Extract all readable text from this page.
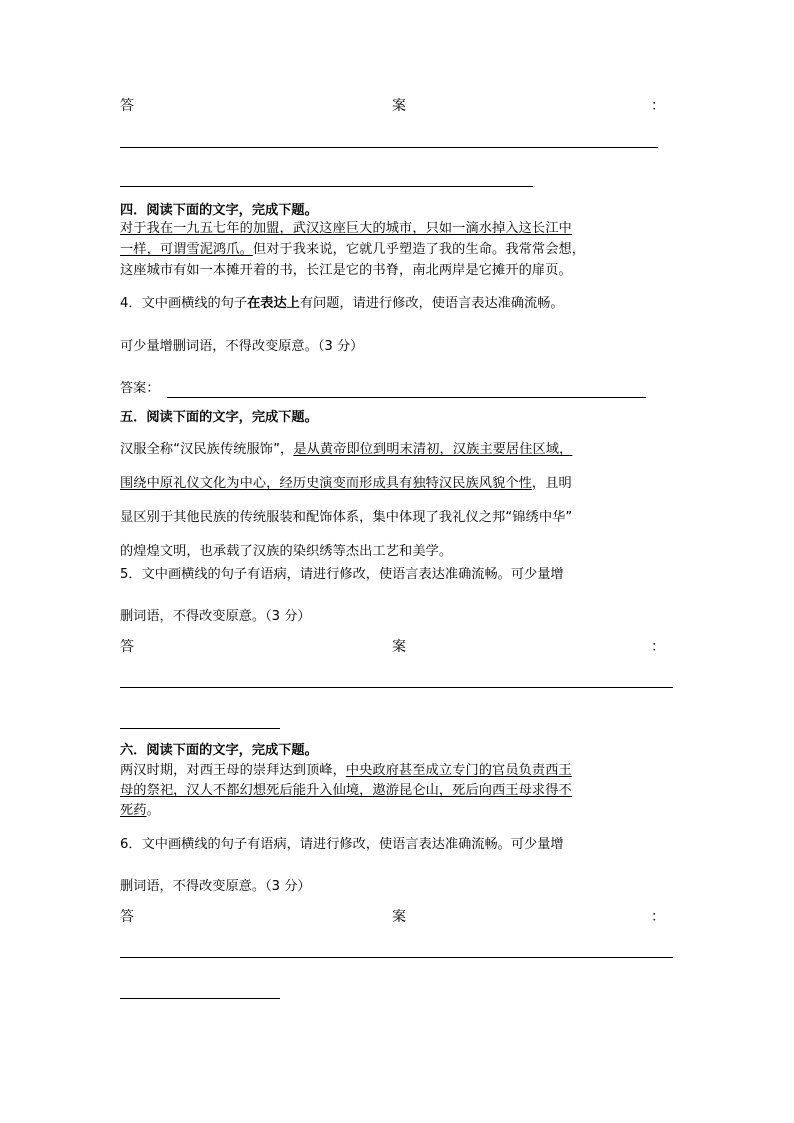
答	案	：
四．阅读下面的文字，完成下题。
对于我在一九五七年的加盟，武汉这座巨大的城市，只如一滴水掉入这长江中
一样，可谓雪泥鸿爪。但对于我来说，它就几乎塑造了我的生命。我常常会想，
这座城市有如一本摊开着的书，长江是它的书脊，南北两岸是它摊开的扉页。
4．文中画横线的句子在表达上有问题，请进行修改，使语言表达准确流畅。
可少量增删词语，不得改变原意。（3 分）
答案：
五．阅读下面的文字，完成下题。
汉服全称“汉民族传统服饰”，是从黄帝即位到明末清初，汉族主要居住区域，
围绕中原礼仪文化为中心，经历史演变而形成具有独特汉民族风貌个性，且明
显区别于其他民族的传统服装和配饰体系，集中体现了我礼仪之邦“锦绣中华”
的煌煌文明，也承载了汉族的染织绣等杰出工艺和美学。
5．文中画横线的句子有语病，请进行修改，使语言表达准确流畅。可少量增
删词语，不得改变原意。（3 分）
答	案	：
六．阅读下面的文字，完成下题。
两汉时期，对西王母的崇拜达到顶峰，中央政府甚至成立专门的官员负责西王
母的祭祀，汉人不都幻想死后能升入仙境，遨游昆仑山，死后向西王母求得不
死药。
6．文中画横线的句子有语病，请进行修改，使语言表达准确流畅。可少量增
删词语，不得改变原意。（3 分）
答	案	：
